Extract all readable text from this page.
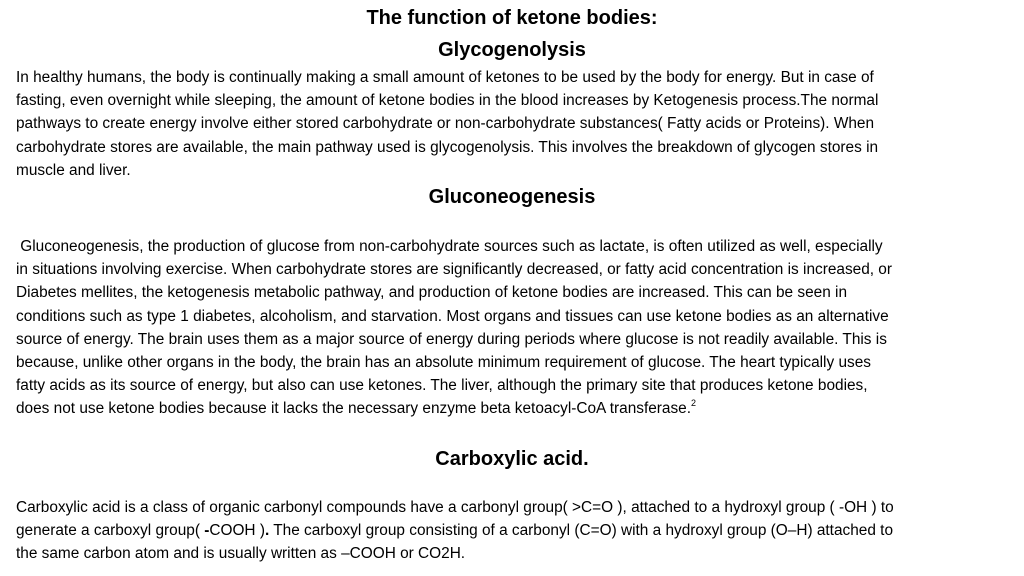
The function of ketone bodies:
Glycogenolysis
In healthy humans, the body is continually making a small amount of ketones to be used by the body for energy. But in case of
fasting, even overnight while sleeping, the amount of ketone bodies in the blood increases by Ketogenesis process.The normal
pathways to create energy involve either stored carbohydrate or non-carbohydrate substances( Fatty acids or Proteins). When
carbohydrate stores are available, the main pathway used is glycogenolysis. This involves the breakdown of glycogen stores in
muscle and liver.
Gluconeogenesis
Gluconeogenesis, the production of glucose from non-carbohydrate sources such as lactate, is often utilized as well, especially
in situations involving exercise. When carbohydrate stores are significantly decreased, or fatty acid concentration is increased, or
Diabetes mellites, the ketogenesis metabolic pathway, and production of ketone bodies are increased. This can be seen in
conditions such as type 1 diabetes, alcoholism, and starvation. Most organs and tissues can use ketone bodies as an alternative
source of energy. The brain uses them as a major source of energy during periods where glucose is not readily available. This is
because, unlike other organs in the body, the brain has an absolute minimum requirement of glucose. The heart typically uses
fatty acids as its source of energy, but also can use ketones. The liver, although the primary site that produces ketone bodies,
does not use ketone bodies because it lacks the necessary enzyme beta ketoacyl-CoA transferase.$^2$
Carboxylic acid.
Carboxylic acid is a class of organic carbonyl compounds have a carbonyl group( >C=O ), attached to a hydroxyl group ( -OH ) to
generate a carboxyl group( -COOH ). The carboxyl group consisting of a carbonyl (C=O) with a hydroxyl group (O–H) attached to
the same carbon atom and is usually written as –COOH or CO2H.
